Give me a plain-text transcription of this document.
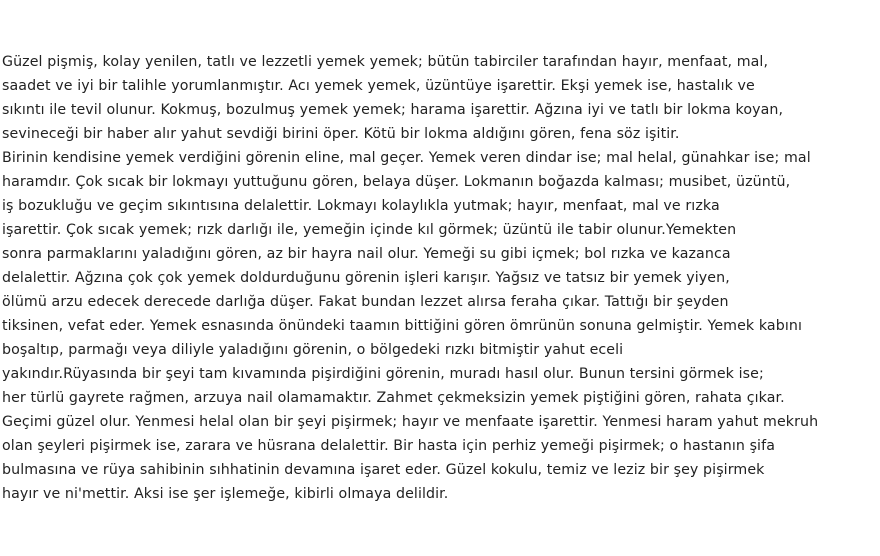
Güzel pişmiş, kolay yenilen, tatlı ve lezzetli yemek yemek; bütün tabirciler tarafından hayır, menfaat, mal,
saadet ve iyi bir talihle yorumlanmıştır. Acı yemek yemek, üzüntüye işarettir. Ekşi yemek ise, hastalık ve
sıkıntı ile tevil olunur. Kokmuş, bozulmuş yemek yemek; harama işarettir. Ağzına iyi ve tatlı bir lokma koyan,
sevineceği bir haber alır yahut sevdiği birini öper. Kötü bir lokma aldığını gören, fena söz işitir.
Birinin kendisine yemek verdiğini görenin eline, mal geçer. Yemek veren dindar ise; mal helal, günahkar ise; mal
haramdır. Çok sıcak bir lokmayı yuttuğunu gören, belaya düşer. Lokmanın boğazda kalması; musibet, üzüntü,
iş bozukluğu ve geçim sıkıntısına delalettir. Lokmayı kolaylıkla yutmak; hayır, menfaat, mal ve rızka
işarettir. Çok sıcak yemek; rızk darlığı ile, yemeğin içinde kıl görmek; üzüntü ile tabir olunur.Yemekten
sonra parmaklarını yaladığını gören, az bir hayra nail olur. Yemeği su gibi içmek; bol rızka ve kazanca
delalettir. Ağzına çok çok yemek doldurduğunu görenin işleri karışır. Yağsız ve tatsız bir yemek yiyen,
ölümü arzu edecek derecede darlığa düşer. Fakat bundan lezzet alırsa feraha çıkar. Tattığı bir şeyden
tiksinen, vefat eder. Yemek esnasında önündeki taamın bittiğini gören ömrünün sonuna gelmiştir. Yemek kabını
boşaltıp, parmağı veya diliyle yaladığını görenin, o bölgedeki rızkı bitmiştir yahut eceli
yakındır.Rüyasında bir şeyi tam kıvamında pişirdiğini görenin, muradı hasıl olur. Bunun tersini görmek ise;
her türlü gayrete rağmen, arzuya nail olamamaktır. Zahmet çekmeksizin yemek piştiğini gören, rahata çıkar.
Geçimi güzel olur. Yenmesi helal olan bir şeyi pişirmek; hayır ve menfaate işarettir. Yenmesi haram yahut mekruh
olan şeyleri pişirmek ise, zarara ve hüsrana delalettir. Bir hasta için perhiz yemeği pişirmek; o hastanın şifa
bulmasına ve rüya sahibinin sıhhatinin devamına işaret eder. Güzel kokulu, temiz ve leziz bir şey pişirmek
hayır ve ni'mettir. Aksi ise şer işlemeğe, kibirli olmaya delildir.
